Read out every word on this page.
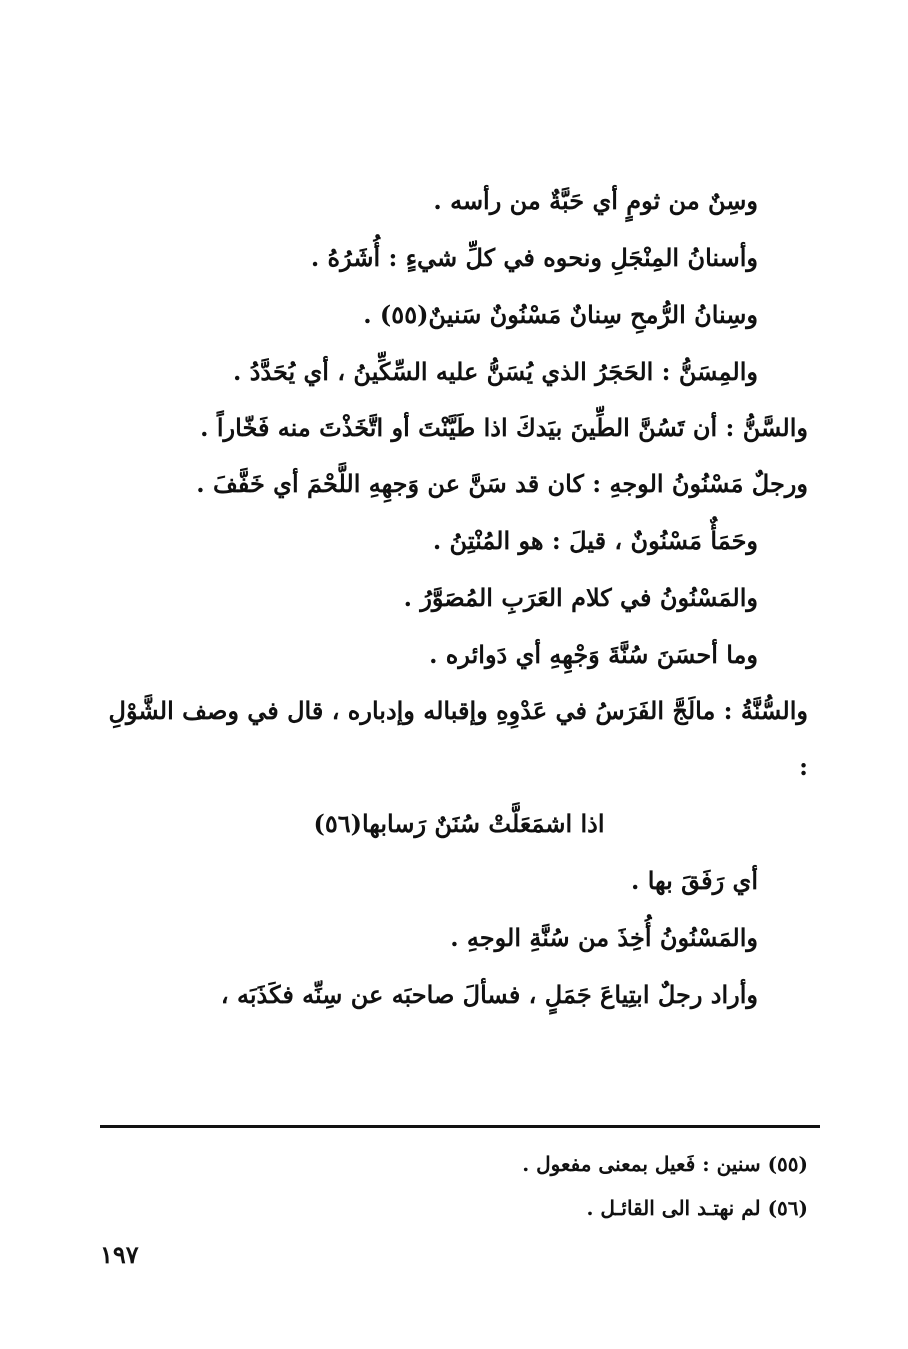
وسِنٌ من ثومٍ أي حَبَّةٌ من رأسه .
وأسنانُ المِنْجَلِ ونحوه في كلِّ شيءٍ : أُشَرُهُ .
وسِنانُ الرُّمحِ سِنانٌ مَسْنُونٌ سَنينٌ(٥٥) .
والمِسَنُّ : الحَجَرُ الذي يُسَنُّ عليه السِّكِّينُ ، أي يُحَدَّدُ .
والسَّنُّ : أن تَسُنَّ الطِّينَ بيَدكَ اذا طَيَّنْتَ أو اتَّخَذْتَ منه فَخّاراً .
ورجلٌ مَسْنُونُ الوجهِ : كان قد سَنَّ عن وَجهِهِ اللَّحْمَ أي خَفَّفَ .
وحَمَأٌ مَسْنُونٌ ، قيلَ : هو المُنْتِنُ .
والمَسْنُونُ في كلام العَرَبِ المُصَوَّرُ .
وما أحسَنَ سُنَّةَ وَجْهِهِ أي دَوائره .
والسُّنَّةُ : مالَجَّ الفَرَسُ في عَدْوِهِ وإقباله وإدباره ، قال في وصف الشَّوْلِ :
اذا اشمَعَلَّتْ سُنَنٌ رَسابها(٥٦)
أي رَفَقَ بها .
والمَسْنُونُ أُخِذَ من سُنَّةِ الوجهِ .
وأراد رجلٌ ابتِياعَ جَمَلٍ ، فسألَ صاحبَه عن سِنِّه فكَذَبَه ،
(٥٥) سنين : فَعيل بمعنى مفعول .
(٥٦) لم نهتـد الى القائـل .
١٩٧
